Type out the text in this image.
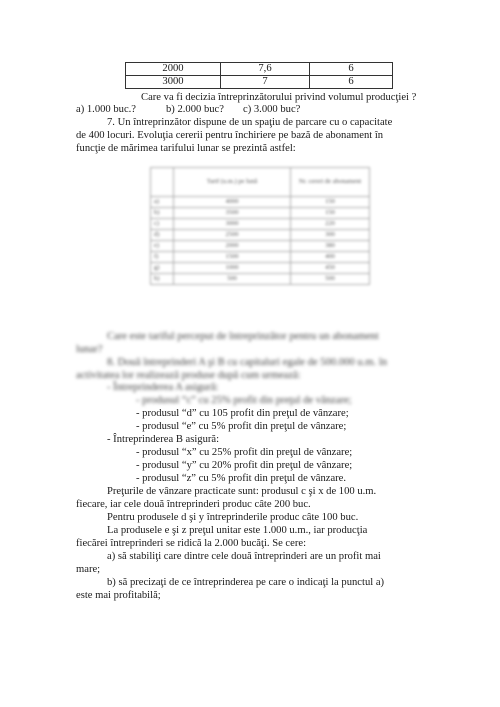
2000	7,6	6
3000	7	6
Care va fi decizia întreprinzătorului privind volumul producţiei ?
a) 1.000 buc.?	b) 2.000 buc? c) 3.000 buc?
7. Un întreprinzător dispune de un spaţiu de parcare cu o capacitate
de 400 locuri. Evoluţia cererii pentru închiriere pe bază de abonament în
funcţie de mărimea tarifului lunar se prezintă astfel:
	Tarif (u.m.) pe lună	Nr. cereri de abonament
a)	4000	150
b)	3500	150
c)	3000	220
d)	2500	300
e)	2000	380
f)	1500	400
g)	1000	450
h)	500	500
Care este tariful perceput de întreprinzător pentru un abonament
lunar?
8. Două întreprinderi A şi B cu capitaluri egale de 500.000 u.m. în
activitatea lor realizează produse după cum urmează:
- Întreprinderea A asigură:
- produsul “c” cu 25% profit din preţul de vânzare;
- produsul “d” cu 105 profit din preţul de vânzare;
- produsul “e” cu 5% profit din preţul de vânzare;
- Întreprinderea B asigură:
- produsul “x” cu 25% profit din preţul de vânzare;
- produsul “y” cu 20% profit din preţul de vânzare;
- produsul “z” cu 5% profit din preţul de vânzare.
Preţurile de vânzare practicate sunt: produsul c şi x de 100 u.m.
fiecare, iar cele două întreprinderi produc câte 200 buc.
Pentru produsele d şi y întreprinderile produc câte 100 buc.
La produsele e şi z preţul unitar este 1.000 u.m., iar producţia
fiecărei întreprinderi se ridică la 2.000 bucăţi. Se cere:
a) să stabiliţi care dintre cele două întreprinderi are un profit mai
mare;
b) să precizaţi de ce întreprinderea pe care o indicaţi la punctul a)
este mai profitabilă;
